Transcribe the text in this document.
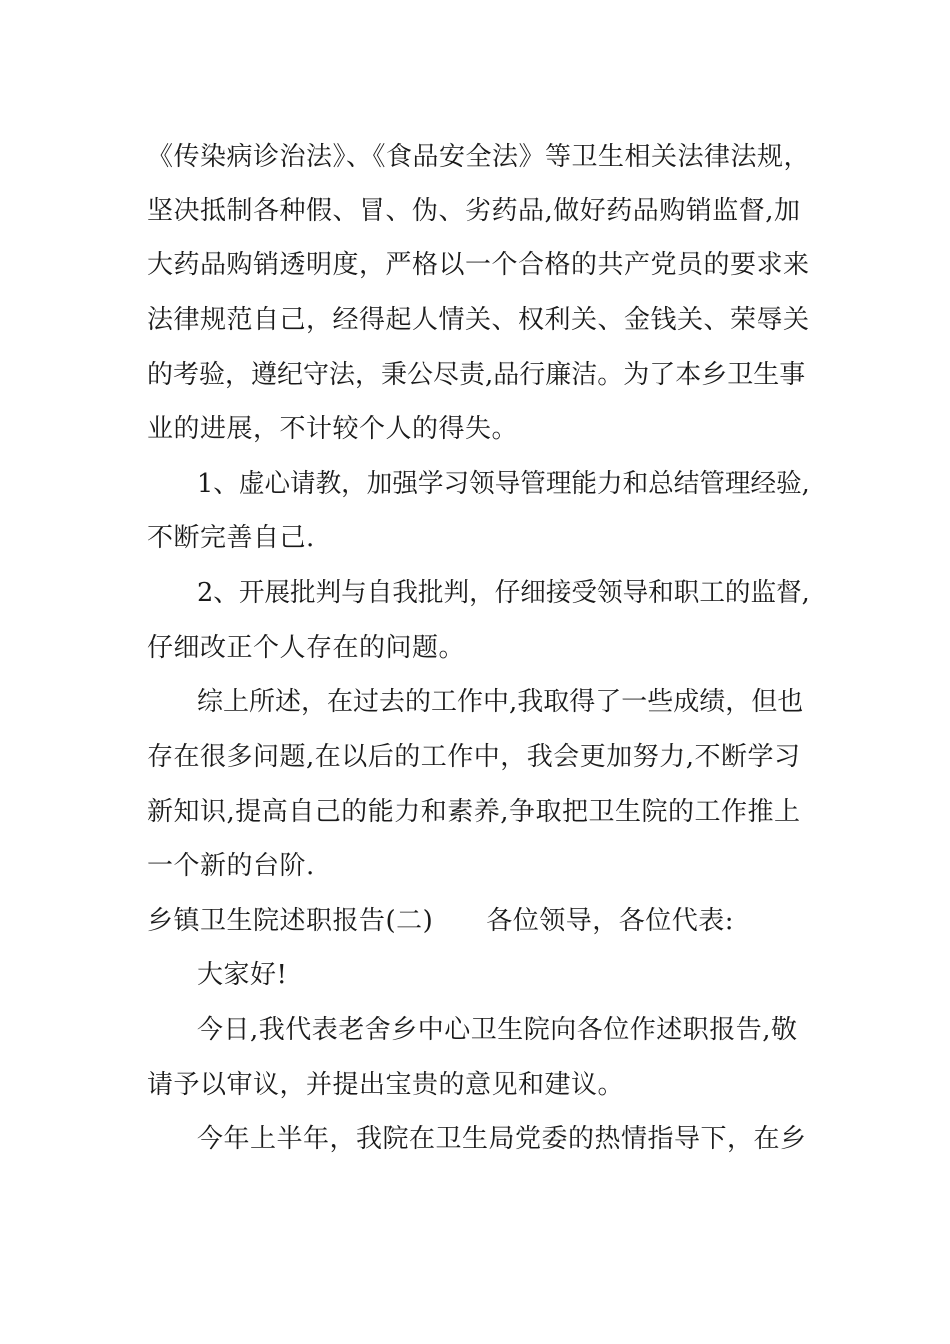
《传染病诊治法》、《食品安全法》等卫生相关法律法规，
坚决抵制各种假、冒、伪、劣药品,做好药品购销监督,加
大药品购销透明度，严格以一个合格的共产党员的要求来
法律规范自己，经得起人情关、权利关、金钱关、荣辱关
的考验，遵纪守法，秉公尽责,品行廉洁。为了本乡卫生事
业的进展，不计较个人的得失。
1、虚心请教，加强学习领导管理能力和总结管理经验,
不断完善自己.
2、开展批判与自我批判，仔细接受领导和职工的监督,
仔细改正个人存在的问题。
综上所述，在过去的工作中,我取得了一些成绩，但也
存在很多问题,在以后的工作中，我会更加努力,不断学习
新知识,提高自己的能力和素养,争取把卫生院的工作推上
一个新的台阶.
乡镇卫生院述职报告(二)　　各位领导，各位代表:
大家好!
今日,我代表老舍乡中心卫生院向各位作述职报告,敬
请予以审议，并提出宝贵的意见和建议。
今年上半年，我院在卫生局党委的热情指导下，在乡
